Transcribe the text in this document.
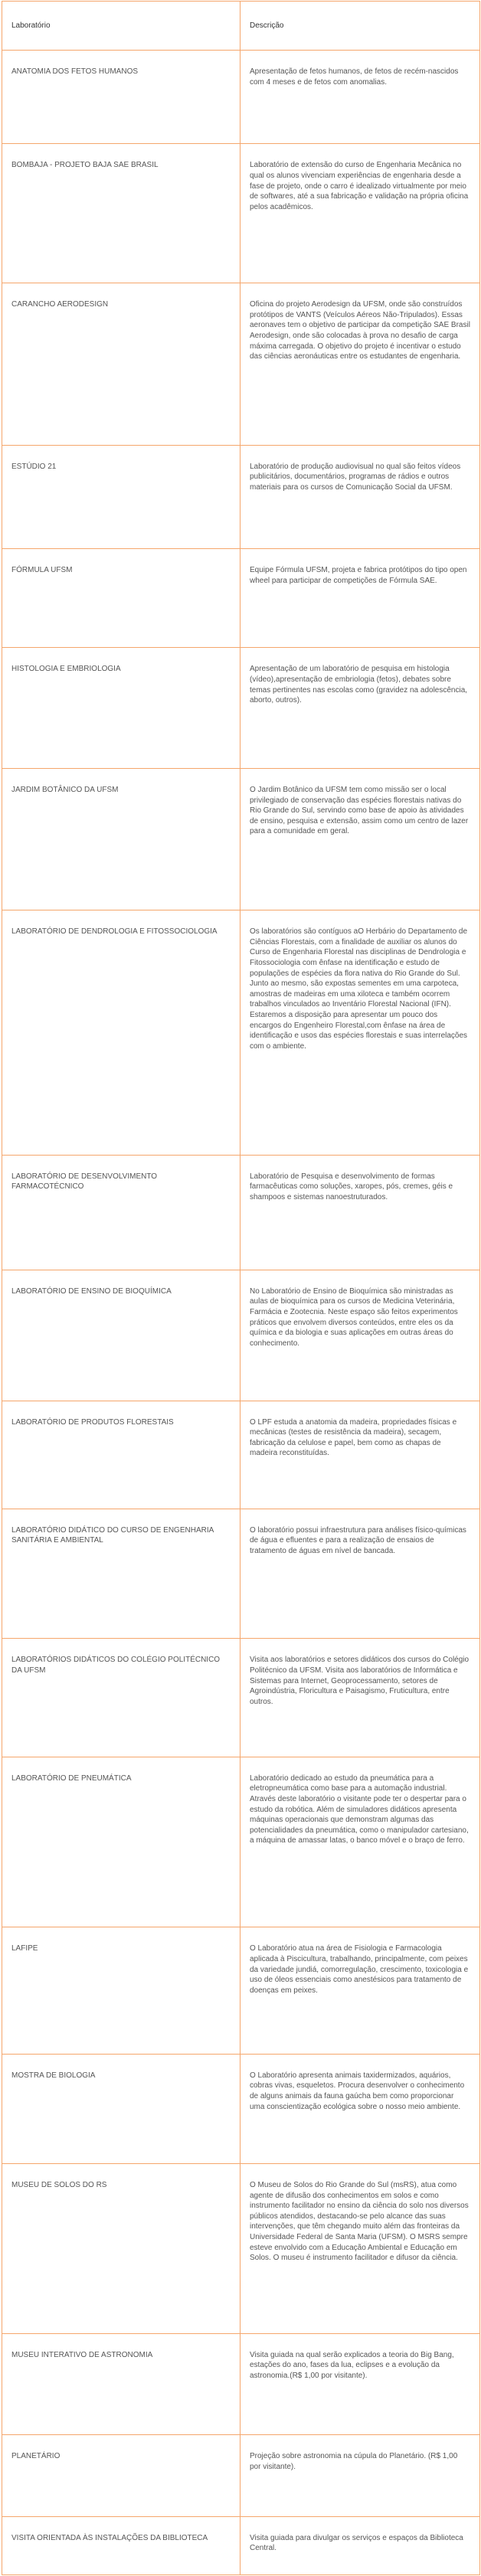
Laboratório	Descrição
ANATOMIA DOS FETOS HUMANOS	Apresentação de fetos humanos, de fetos de recém-nascidos com 4 meses e de fetos com anomalias.
BOMBAJA - PROJETO BAJA SAE BRASIL	Laboratório de extensão do curso de Engenharia Mecânica no qual os alunos vivenciam experiências de engenharia desde a fase de projeto, onde o carro é idealizado virtualmente por meio de softwares, até a sua fabricação e validação na própria oficina pelos acadêmicos.
CARANCHO AERODESIGN	Oficina do projeto Aerodesign da UFSM, onde são construídos protótipos de VANTS (Veículos Aéreos Não-Tripulados). Essas aeronaves tem o objetivo de participar da competição SAE Brasil Aerodesign, onde são colocadas à prova no desafio de carga máxima carregada. O objetivo do projeto é incentivar o estudo das ciências aeronáuticas entre os estudantes de engenharia.
ESTÚDIO 21	Laboratório de produção audiovisual no qual são feitos vídeos publicitários, documentários, programas de rádios e outros materiais para os cursos de Comunicação Social da UFSM.
FÓRMULA UFSM	Equipe Fórmula UFSM, projeta e fabrica protótipos do tipo open wheel para participar de competições de Fórmula SAE.
HISTOLOGIA E EMBRIOLOGIA	Apresentação de um laboratório de pesquisa em histologia (vídeo),apresentação de embriologia (fetos), debates sobre temas pertinentes nas escolas como (gravidez na adolescência, aborto, outros).
JARDIM BOTÂNICO DA UFSM	O Jardim Botânico da UFSM tem como missão ser o local privilegiado de conservação das espécies florestais nativas do Rio Grande do Sul, servindo como base de apoio às atividades de ensino, pesquisa e extensão, assim como um centro de lazer para a comunidade em geral.
LABORATÓRIO DE DENDROLOGIA E FITOSSOCIOLOGIA	Os laboratórios são contíguos aO Herbário do Departamento de Ciências Florestais, com a finalidade de auxiliar os alunos do Curso de Engenharia Florestal nas disciplinas de Dendrologia e Fitossociologia com ênfase na identificação e estudo de populações de espécies da flora nativa do Rio Grande do Sul. Junto ao mesmo, são expostas sementes em uma carpoteca, amostras de madeiras em uma xiloteca e também ocorrem trabalhos vinculados ao Inventário Florestal Nacional (IFN). Estaremos a disposição para apresentar um pouco dos encargos do Engenheiro Florestal,com ênfase na área de identificação e usos das espécies florestais e suas interrelações com o ambiente.
LABORATÓRIO DE DESENVOLVIMENTO FARMACOTÉCNICO	Laboratório de Pesquisa e desenvolvimento de formas farmacêuticas como soluções, xaropes, pós, cremes, géis e shampoos e sistemas nanoestruturados.
LABORATÓRIO DE ENSINO DE BIOQUÍMICA	No Laboratório de Ensino de Bioquímica são ministradas as aulas de bioquímica para os cursos de Medicina Veterinária, Farmácia e Zootecnia. Neste espaço são feitos experimentos práticos que envolvem diversos conteúdos, entre eles os da química e da biologia e suas aplicações em outras áreas do conhecimento.
LABORATÓRIO DE PRODUTOS FLORESTAIS	O LPF estuda a anatomia da madeira, propriedades físicas e mecânicas (testes de resistência da madeira), secagem, fabricação da celulose e papel, bem como as chapas de madeira reconstituídas.
LABORATÓRIO DIDÁTICO DO CURSO DE ENGENHARIA SANITÁRIA E AMBIENTAL	O laboratório possui infraestrutura para análises físico-químicas de água e efluentes e para a realização de ensaios de tratamento de águas em nível de bancada.
LABORATÓRIOS DIDÁTICOS DO COLÉGIO POLITÉCNICO DA UFSM	Visita aos laboratórios e setores didáticos dos cursos do Colégio Politécnico da UFSM. Visita aos laboratórios de Informática e Sistemas para Internet, Geoprocessamento, setores de Agroindústria, Floricultura e Paisagismo, Fruticultura, entre outros.
LABORATÓRIO DE PNEUMÁTICA	Laboratório dedicado ao estudo da pneumática para a eletropneumática como base para a automação industrial. Através deste laboratório o visitante pode ter o despertar para o estudo da robótica. Além de simuladores didáticos apresenta máquinas operacionais que demonstram algumas das potencialidades da pneumática, como o manipulador cartesiano, a máquina de amassar latas, o banco móvel e o braço de ferro.
LAFIPE	O Laboratório atua na área de Fisiologia e Farmacologia aplicada à Piscicultura, trabalhando, principalmente, com peixes da variedade jundiá, comorregulação, crescimento, toxicologia e uso de óleos essenciais como anestésicos para tratamento de doenças em peixes.
MOSTRA DE BIOLOGIA	O Laboratório apresenta animais taxidermizados, aquários, cobras vivas, esqueletos. Procura desenvolver o conhecimento de alguns animais da fauna gaúcha bem como proporcionar uma conscientização ecológica sobre o nosso meio ambiente.
MUSEU DE SOLOS DO RS	O Museu de Solos do Rio Grande do Sul (msRS), atua como agente de difusão dos conhecimentos em solos e como instrumento facilitador no ensino da ciência do solo nos diversos públicos atendidos, destacando-se pelo alcance das suas intervenções, que têm chegando muito além das fronteiras da Universidade Federal de Santa Maria (UFSM). O MSRS sempre esteve envolvido com a Educação Ambiental e Educação em Solos. O museu é instrumento facilitador e difusor da ciência.
MUSEU INTERATIVO DE ASTRONOMIA	Visita guiada na qual serão explicados a teoria do Big Bang, estações do ano, fases da lua, eclipses e a evolução da astronomia.(R$ 1,00 por visitante).
PLANETÁRIO	Projeção sobre astronomia na cúpula do Planetário. (R$ 1,00 por visitante).
VISITA ORIENTADA ÀS INSTALAÇÕES DA BIBLIOTECA	Visita guiada para divulgar os serviços e espaços da Biblioteca Central.
